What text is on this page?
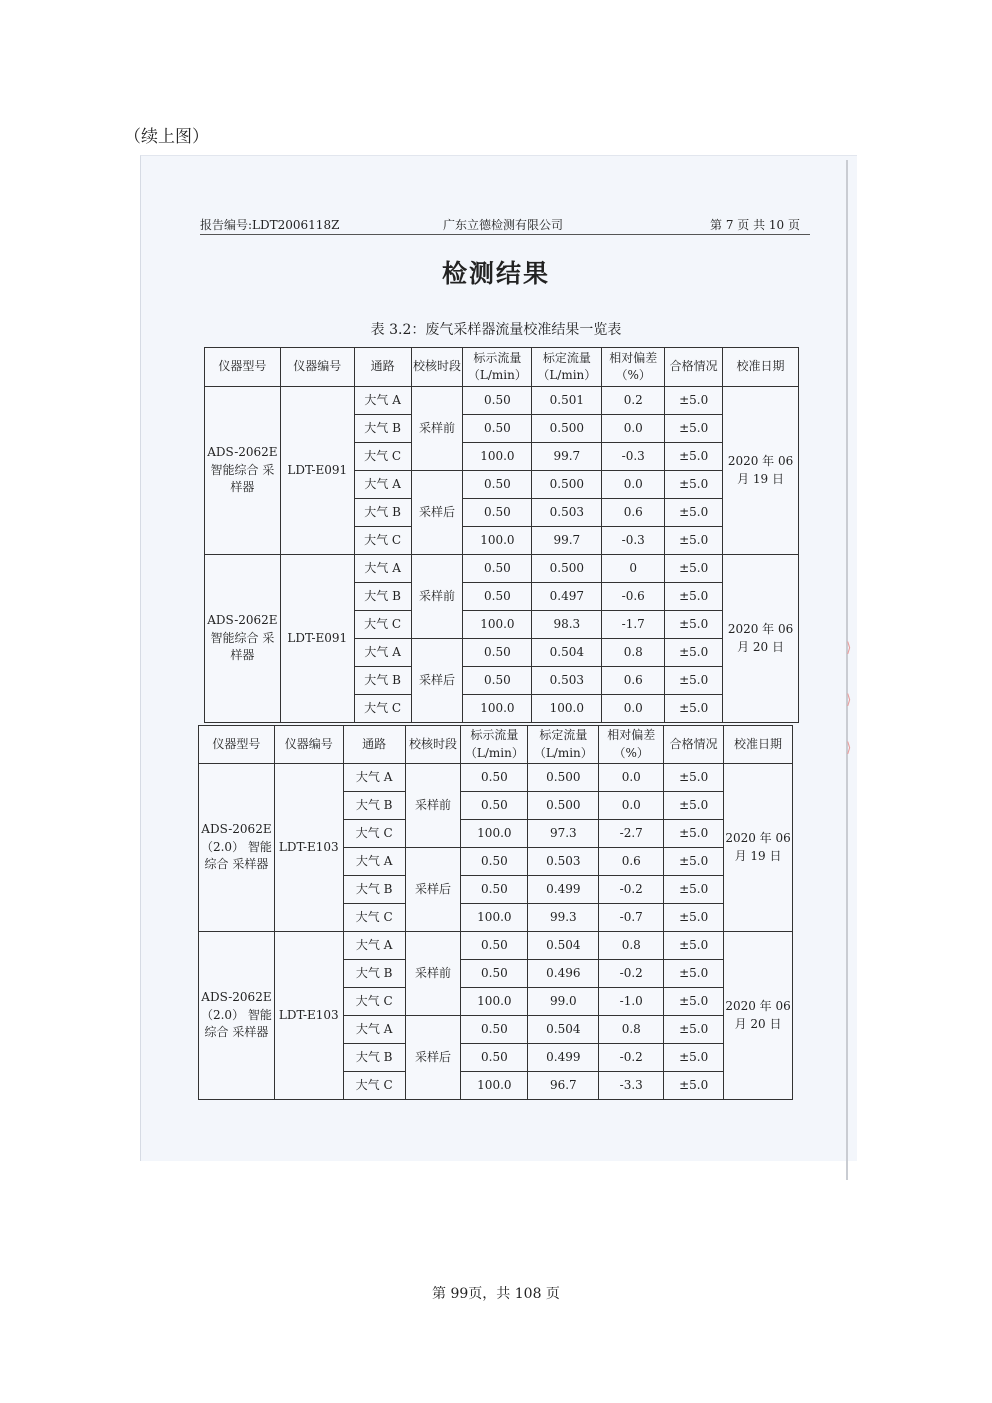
（续上图）
⟩
⟩
⟩
报告编号:LDT2006118Z	广东立德检测有限公司	第 7 页 共 10 页
检测结果
表 3.2：废气采样器流量校准结果一览表
仪器型号	仪器编号	通路	校核时段	标示流量（L/min）	标定流量（L/min）	相对偏差（%）	合格情况	校准日期
ADS-2062E 智能综合 采样器	LDT-E091	大气 A	采样前	0.50	0.501	0.2	±5.0	2020 年 06 月 19 日
		大气 B		0.50	0.500	0.0	±5.0	
		大气 C		100.0	99.7	-0.3	±5.0	
		大气 A	采样后	0.50	0.500	0.0	±5.0	
		大气 B		0.50	0.503	0.6	±5.0	
		大气 C		100.0	99.7	-0.3	±5.0	
ADS-2062E 智能综合 采样器	LDT-E091	大气 A	采样前	0.50	0.500	0	±5.0	2020 年 06 月 20 日
		大气 B		0.50	0.497	-0.6	±5.0	
		大气 C		100.0	98.3	-1.7	±5.0	
		大气 A	采样后	0.50	0.504	0.8	±5.0	
		大气 B		0.50	0.503	0.6	±5.0	
		大气 C		100.0	100.0	0.0	±5.0	
仪器型号	仪器编号	通路	校核时段	标示流量（L/min）	标定流量（L/min）	相对偏差（%）	合格情况	校准日期
ADS-2062E （2.0） 智能综合 采样器	LDT-E103	大气 A	采样前	0.50	0.500	0.0	±5.0	2020 年 06 月 19 日
		大气 B		0.50	0.500	0.0	±5.0	
		大气 C		100.0	97.3	-2.7	±5.0	
		大气 A	采样后	0.50	0.503	0.6	±5.0	
		大气 B		0.50	0.499	-0.2	±5.0	
		大气 C		100.0	99.3	-0.7	±5.0	
ADS-2062E （2.0） 智能综合 采样器	LDT-E103	大气 A	采样前	0.50	0.504	0.8	±5.0	2020 年 06 月 20 日
		大气 B		0.50	0.496	-0.2	±5.0	
		大气 C		100.0	99.0	-1.0	±5.0	
		大气 A	采样后	0.50	0.504	0.8	±5.0	
		大气 B		0.50	0.499	-0.2	±5.0	
		大气 C		100.0	96.7	-3.3	±5.0	
第 99页，共 108 页
